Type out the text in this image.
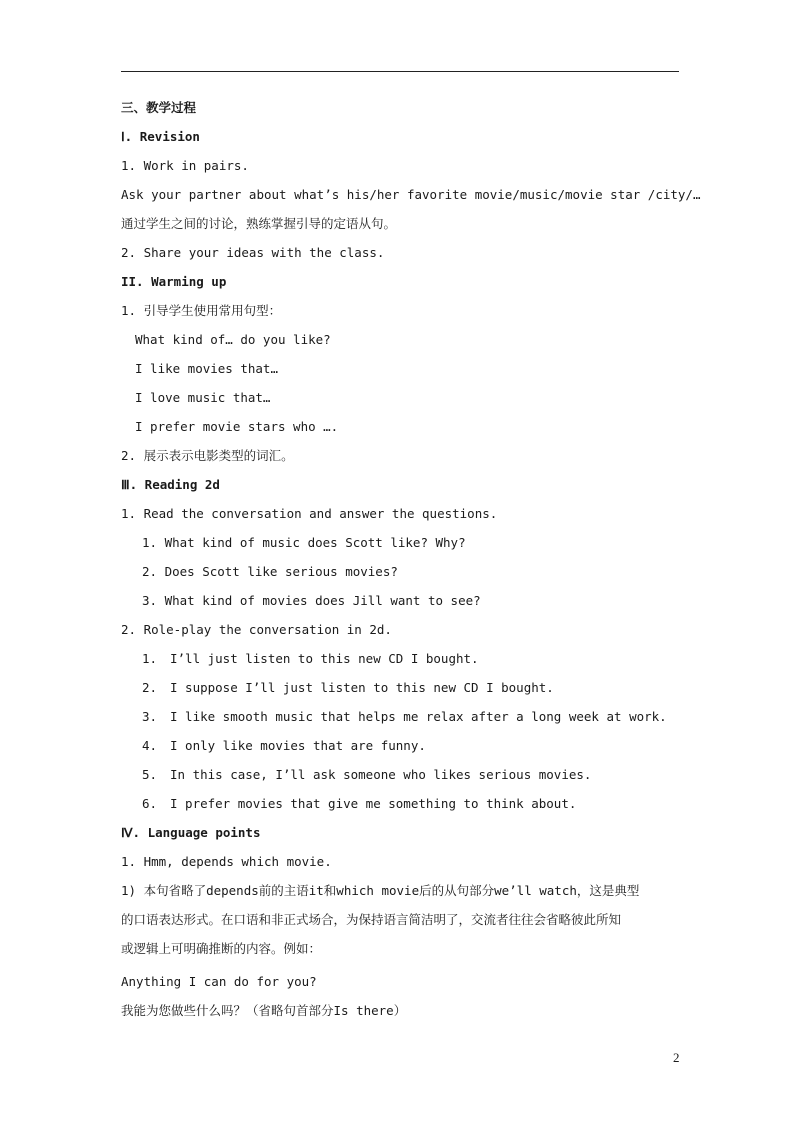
三、教学过程

Ⅰ. Revision

1. Work in pairs.

Ask your partner about what’s his/her favorite movie/music/movie star /city/…

通过学生之间的讨论，熟练掌握引导的定语从句。

2. Share your ideas with the class.

II. Warming up

1. 引导学生使用常用句型：

What kind of… do you like?

I like movies that…

I love music that…

I prefer movie stars who ….

2. 展示表示电影类型的词汇。

Ⅲ. Reading 2d

1. Read the conversation and answer the questions.

1. What kind of music does Scott like? Why?

2. Does Scott like serious movies?

3. What kind of movies does Jill want to see?

2. Role-play the conversation in 2d.

1. I’ll just listen to this new CD I bought.

2. I suppose I’ll just listen to this new CD I bought.

3. I like smooth music that helps me relax after a long week at work.

4. I only like movies that are funny.

5. In this case, I’ll ask someone who likes serious movies.

6. I prefer movies that give me something to think about.

Ⅳ. Language points

1. Hmm, depends which movie.

1) 本句省略了depends前的主语it和which movie后的从句部分we’ll watch，这是典型

的口语表达形式。在口语和非正式场合，为保持语言简洁明了，交流者往往会省略彼此所知

或逻辑上可明确推断的内容。例如：

Anything I can do for you?

我能为您做些什么吗？（省略句首部分Is there）

2
